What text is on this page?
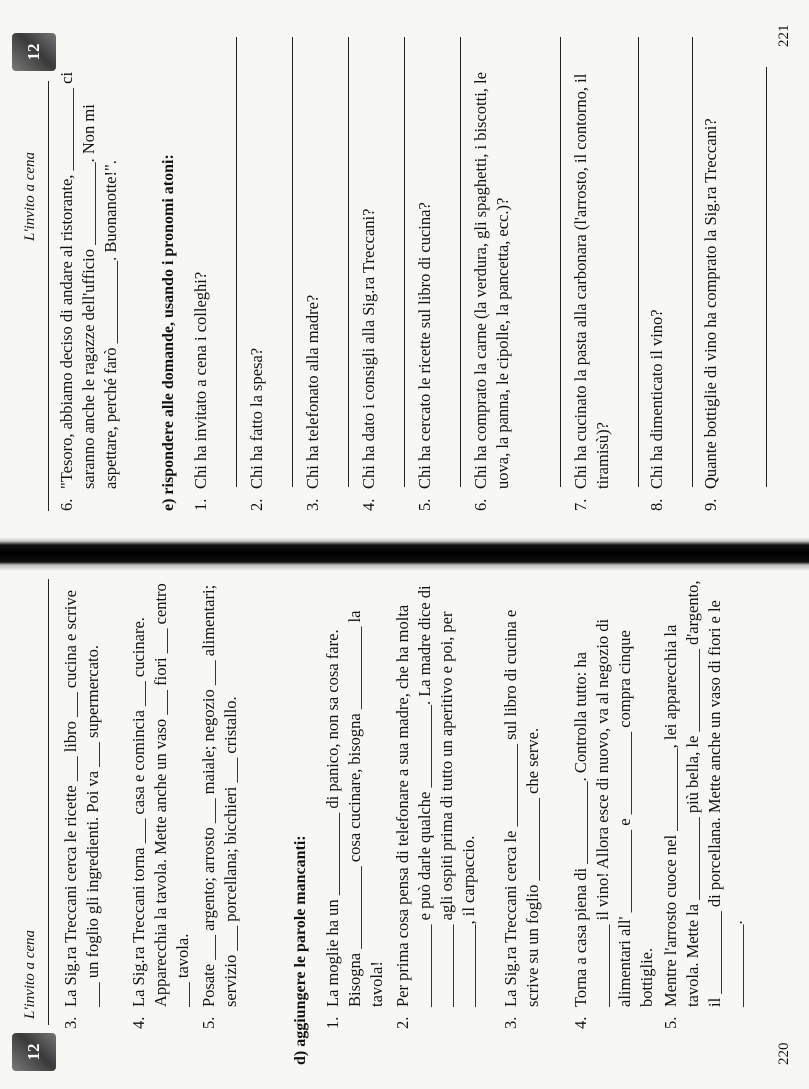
12
L'invito a cena
220
3.
La Sig.ra Treccani cerca le ricette ___ libro ___ cucina e scrive ___ un foglio gli ingredienti. Poi va ___ supermercato.
4.
La Sig.ra Treccani torna ___ casa e comincia ___ cucinare. Apparecchia la tavola. Mette anche un vaso ___ fiori ___ centro ___ tavola.
5.
Posate ___ argento; arrosto ___ maiale; negozio ___ alimentari; servizio ___ porcellana; bicchieri ___ cristallo.
d) aggiungere le parole mancanti: 1.
La moglie ha un __________ di panico, non sa cosa fare. Bisogna __________ cosa cucinare, bisogna __________ la tavola!
2.
Per prima cosa pensa di telefonare a sua madre, che ha molta __________ e può darle qualche __________. La madre dice di __________ agli ospiti prima di tutto un aperitivo e poi, per __________, il carpaccio.
3.
La Sig.ra Treccani cerca le __________ sul libro di cucina e scrive su un foglio __________ che serve.
4.
Torna a casa piena di __________. Controlla tutto: ha __________ il vino! Allora esce di nuovo, va al negozio di alimentari all' __________ e __________ compra cinque bottiglie.
5.
Mentre l'arrosto cuoce nel __________, lei apparecchia la tavola. Mette la __________ più bella, le __________ d'argento, il __________ di porcellana. Mette anche un vaso di fiori e le __________.
L'invito a cena
12
221
6.
"Tesoro, abbiamo deciso di andare al ristorante, __________ ci saranno anche le ragazze dell'ufficio __________. Non mi aspettare, perché farò __________. Buonanotte!".
e) rispondere alle domande, usando i pronomi atoni:
1.
Chi ha invitato a cena i colleghi?
2.
Chi ha fatto la spesa?
3.
Chi ha telefonato alla madre?
4.
Chi ha dato i consigli alla Sig.ra Treccani?
5.
Chi ha cercato le ricette sul libro di cucina?
6.
Chi ha comprato la carne (la verdura, gli spaghetti, i biscotti, le uova, la panna, le cipolle, la pancetta, ecc.)?
7.
Chi ha cucinato la pasta alla carbonara (l'arrosto, il contorno, il tiramisù)?
8.
Chi ha dimenticato il vino?
9.
Quante bottiglie di vino ha comprato la Sig.ra Treccani?
